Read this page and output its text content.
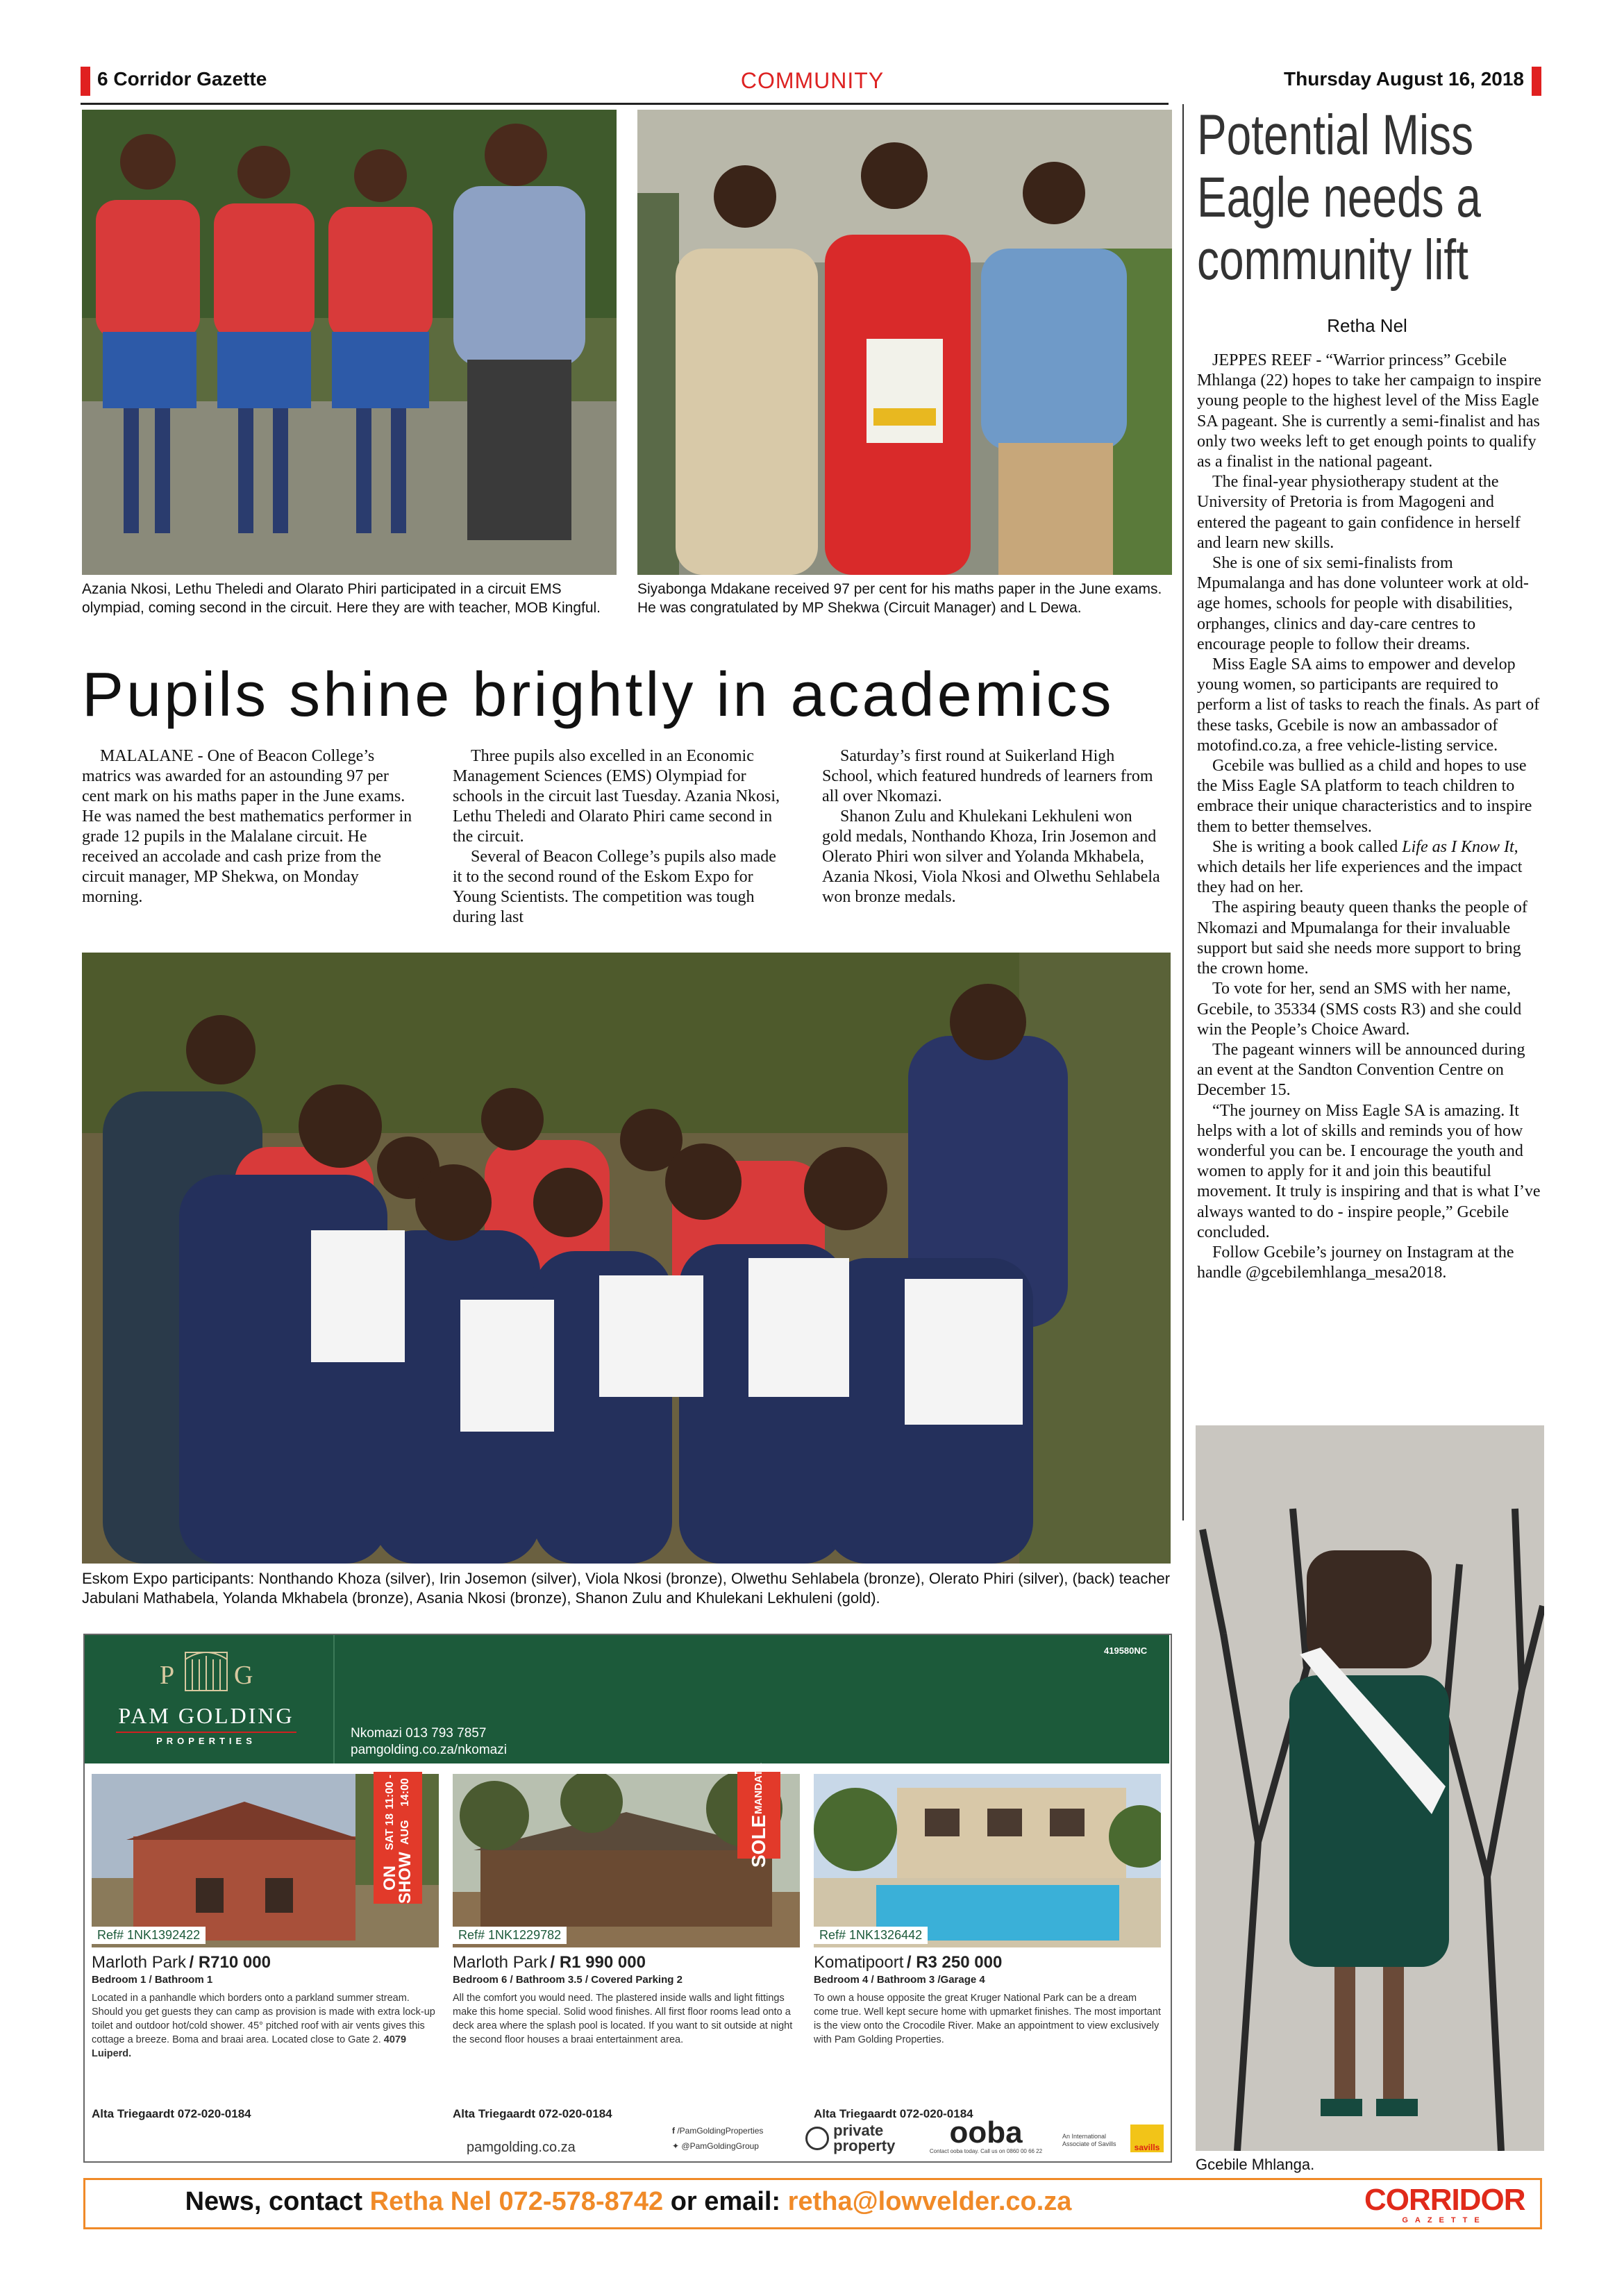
6 Corridor Gazette	COMMUNITY	Thursday August 16, 2018
Azania Nkosi, Lethu Theledi and Olarato Phiri participated in a circuit EMS olympiad, coming second in the circuit. Here they are with teacher, MOB Kingful.
Siyabonga Mdakane received 97 per cent for his maths paper in the June exams. He was congratulated by MP Shekwa (Circuit Manager) and L Dewa.
Pupils shine brightly in academics

MALALANE - One of Beacon College’s matrics was awarded for an astounding 97 per cent mark on his maths paper in the June exams. He was named the best mathematics performer in grade 12 pupils in the Malalane circuit. He received an accolade and cash prize from the circuit manager, MP Shekwa, on Monday morning.

Three pupils also excelled in an Economic Management Sciences (EMS) Olympiad for schools in the circuit last Tuesday. Azania Nkosi, Lethu Theledi and Olarato Phiri came second in the circuit.

Several of Beacon College’s pupils also made it to the second round of the Eskom Expo for Young Scientists. The competition was tough during last

Saturday’s first round at Suikerland High School, which featured hundreds of learners from all over Nkomazi.

Shanon Zulu and Khulekani Lekhuleni won gold medals, Nonthando Khoza, Irin Josemon and Olerato Phiri won silver and Yolanda Mkhabela, Azania Nkosi, Viola Nkosi and Olwethu Sehlabela won bronze medals.

Eskom Expo participants: Nonthando Khoza (silver), Irin Josemon (silver), Viola Nkosi (bronze), Olwethu Sehlabela (bronze), Olerato Phiri (silver), (back) teacher Jabulani Mathabela, Yolanda Mkhabela (bronze), Asania Nkosi (bronze), Shanon Zulu and Khulekani Lekhuleni (gold).
Potential Miss Eagle needs a community lift
Retha Nel

JEPPES REEF - “Warrior princess” Gcebile Mhlanga (22) hopes to take her campaign to inspire young people to the highest level of the Miss Eagle SA pageant. She is currently a semi-finalist and has only two weeks left to get enough points to qualify as a finalist in the national pageant.

The final-year physiotherapy student at the University of Pretoria is from Magogeni and entered the pageant to gain confidence in herself and learn new skills.

She is one of six semi-finalists from Mpumalanga and has done volunteer work at old-age homes, schools for people with disabilities, orphanges, clinics and day-care centres to encourage people to follow their dreams.

Miss Eagle SA aims to empower and develop young women, so participants are required to perform a list of tasks to reach the finals. As part of these tasks, Gcebile is now an ambassador of motofind.co.za, a free vehicle-listing service.

Gcebile was bullied as a child and hopes to use the Miss Eagle SA platform to teach children to embrace their unique characteristics and to inspire them to better themselves.

She is writing a book called Life as I Know It, which details her life experiences and the impact they had on her.

The aspiring beauty queen thanks the people of Nkomazi and Mpumalanga for their invaluable support but said she needs more support to bring the crown home.

To vote for her, send an SMS with her name, Gcebile, to 35334 (SMS costs R3) and she could win the People’s Choice Award.

The pageant winners will be announced during an event at the Sandton Convention Centre on December 15.

“The journey on Miss Eagle SA is amazing. It helps with a lot of skills and reminds you of how wonderful you can be. I encourage the youth and women to apply for it and join this beautiful movement. It truly is inspiring and that is what I’ve always wanted to do - inspire people,” Gcebile concluded.

Follow Gcebile’s journey on Instagram at the handle @gcebilemhlanga_mesa2018.

Gcebile Mhlanga.
P G
PAM GOLDING
PROPERTIES
419580NC
Nkomazi 013 793 7857
pamgolding.co.za/nkomazi
Ref# 1NK1392422
Marloth Park / R710 000
Bedroom 1 / Bathroom 1
Located in a panhandle which borders onto a parkland summer stream. Should you get guests they can camp as provision is made with extra lock-up toilet and outdoor hot/cold shower. 45° pitched roof with air vents gives this cottage a breeze. Boma and braai area. Located close to Gate 2. 4079 Luiperd.
Alta Triegaardt 072-020-0184
ON SHOW
SAT 18 AUG
11:00 - 14:00
Ref# 1NK1229782
Marloth Park / R1 990 000
Bedroom 6 / Bathroom 3.5 / Covered Parking 2
All the comfort you would need. The plastered inside walls and light fittings make this home special. Solid wood finishes. All first floor rooms lead onto a deck area where the splash pool is located. If you want to sit outside at night the second floor houses a braai entertainment area.
Alta Triegaardt 072-020-0184
SOLE
MANDATE
Ref# 1NK1326442
Komatipoort / R3 250 000
Bedroom 4 / Bathroom 3 /Garage 4
To own a house opposite the great Kruger National Park can be a dream come true. Well kept secure home with upmarket finishes. The most important is the view onto the Crocodile River. Make an appointment to view exclusively with Pam Golding Properties.
Alta Triegaardt 072-020-0184
pamgolding.co.za
f /PamGoldingProperties
✦ @PamGoldingGroup
private property	ooba
Contact ooba today. Call us on 0860 00 66 22
An International Associate of Savills	savills
News, contact Retha Nel 072-578-8742 or email: retha@lowvelder.co.za	CORRIDOR
GAZETTE
